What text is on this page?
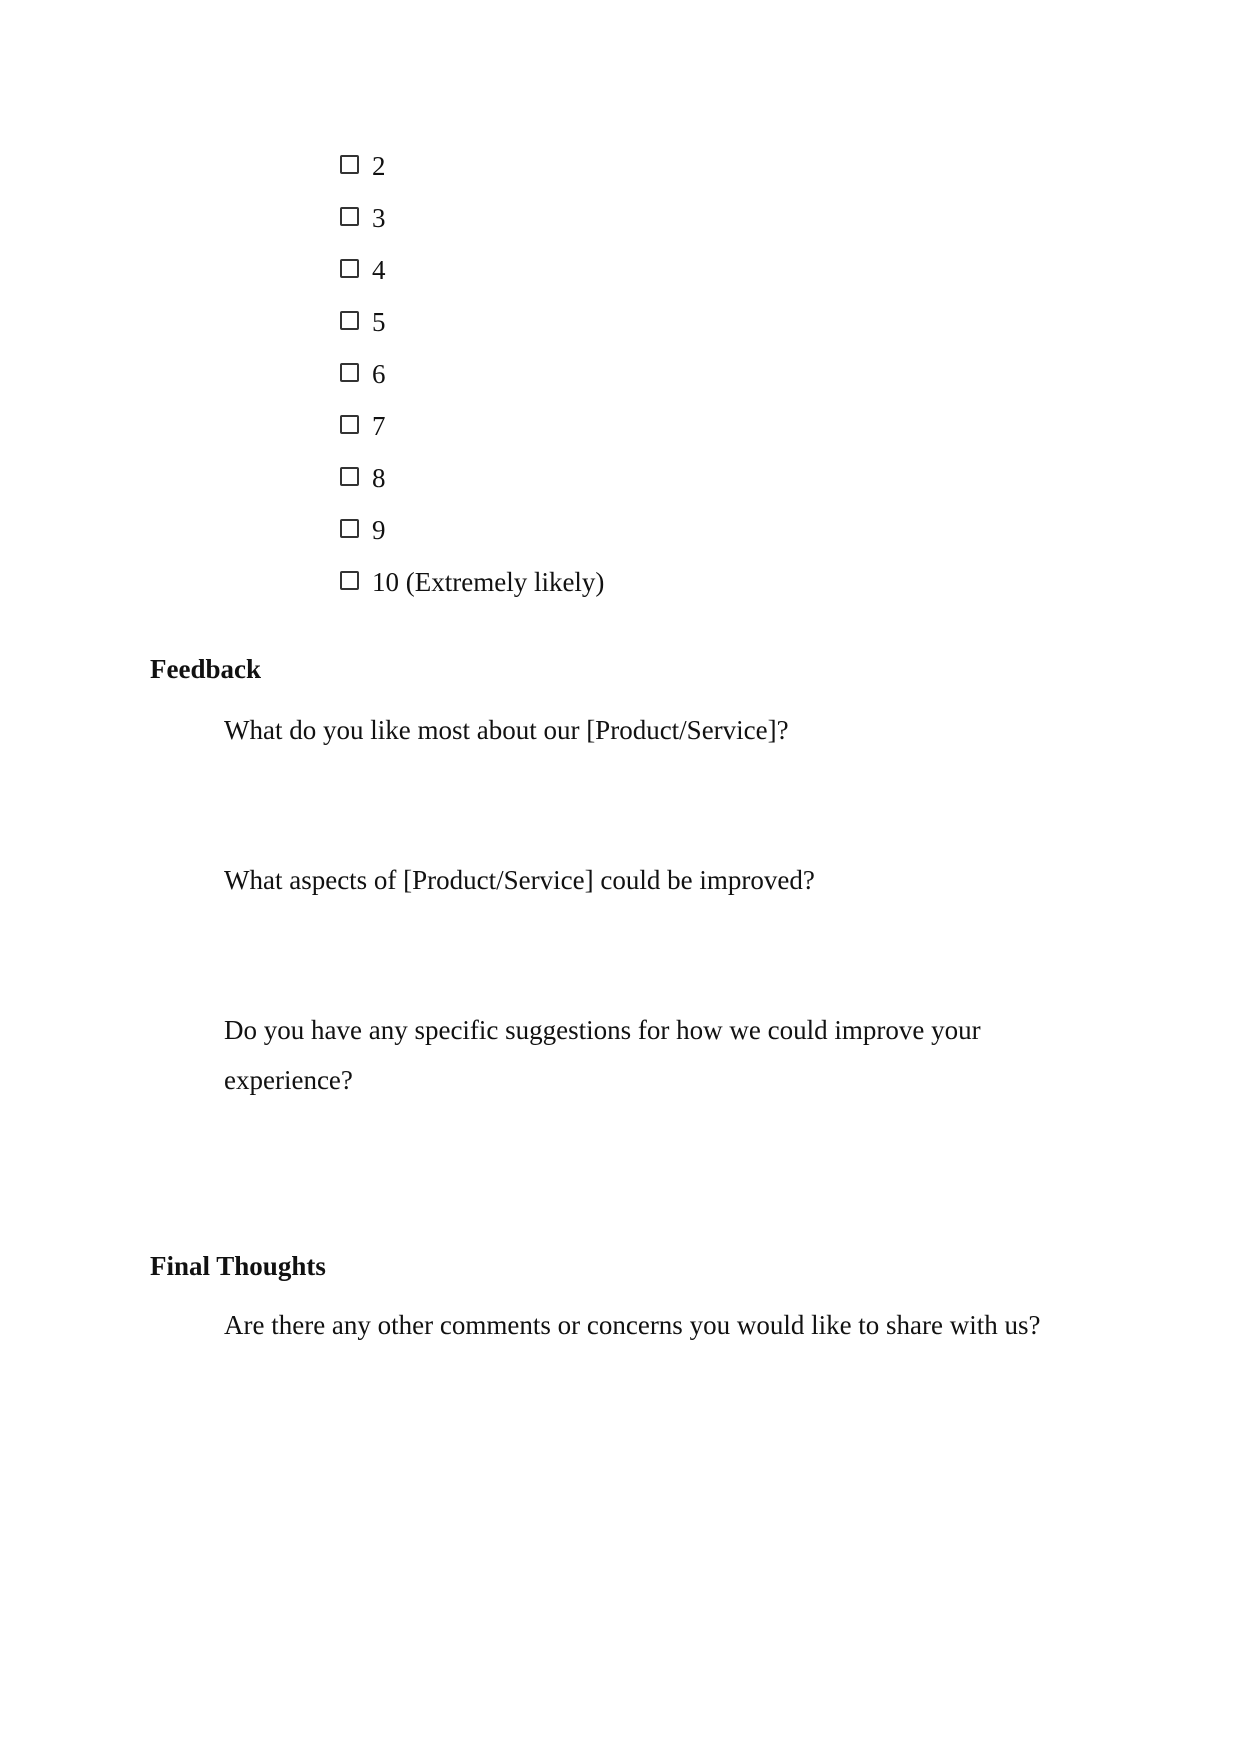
2
3
4
5
6
7
8
9
10 (Extremely likely)
Feedback

What do you like most about our [Product/Service]?

What aspects of [Product/Service] could be improved?

Do you have any specific suggestions for how we could improve your experience?

Final Thoughts

Are there any other comments or concerns you would like to share with us?
